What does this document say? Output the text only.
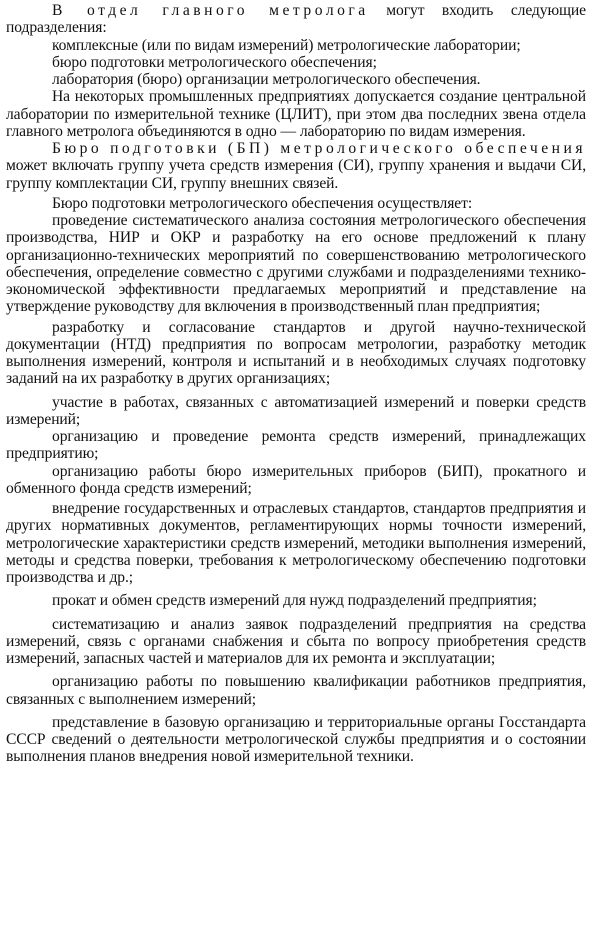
В отдел главного метролога могут входить следующие подразделения:

комплексные (или по видам измерений) метрологические лаборатории;

бюро подготовки метрологического обеспечения;

лаборатория (бюро) организации метрологического обеспечения.

На некоторых промышленных предприятиях допускается создание центральной лаборатории по измерительной технике (ЦЛИТ), при этом два последних звена отдела главного метролога объединяются в одно — лабораторию по видам измерения.

Бюро подготовки (БП) метрологического обеспечения может включать группу учета средств измерения (СИ), группу хранения и выдачи СИ, группу комплектации СИ, группу внешних связей.

Бюро подготовки метрологического обеспечения осуществляет:

проведение систематического анализа состояния метрологического обеспечения производства, НИР и ОКР и разработку на его основе предложений к плану организационно-технических мероприятий по совершенствованию метрологического обеспечения, определение совместно с другими службами и подразделениями технико-экономической эффективности предлагаемых мероприятий и представление на утверждение руководству для включения в производственный план предприятия;

разработку и согласование стандартов и другой научно-технической документации (НТД) предприятия по вопросам метрологии, разработку методик выполнения измерений, контроля и испытаний и в необходимых случаях подготовку заданий на их разработку в других организациях;

участие в работах, связанных с автоматизацией измерений и поверки средств измерений;

организацию и проведение ремонта средств измерений, принадлежащих предприятию;

организацию работы бюро измерительных приборов (БИП), прокатного и обменного фонда средств измерений;

внедрение государственных и отраслевых стандартов, стандартов предприятия и других нормативных документов, регламентирующих нормы точности измерений, метрологические характеристики средств измерений, методики выполнения измерений, методы и средства поверки, требования к метрологическому обеспечению подготовки производства и др.;

прокат и обмен средств измерений для нужд подразделений предприятия;

систематизацию и анализ заявок подразделений предприятия на средства измерений, связь с органами снабжения и сбыта по вопросу приобретения средств измерений, запасных частей и материалов для их ремонта и эксплуатации;

организацию работы по повышению квалификации работников предприятия, связанных с выполнением измерений;

представление в базовую организацию и территориальные органы Госстандарта СССР сведений о деятельности метрологической службы предприятия и о состоянии выполнения планов внедрения новой измерительной техники.
